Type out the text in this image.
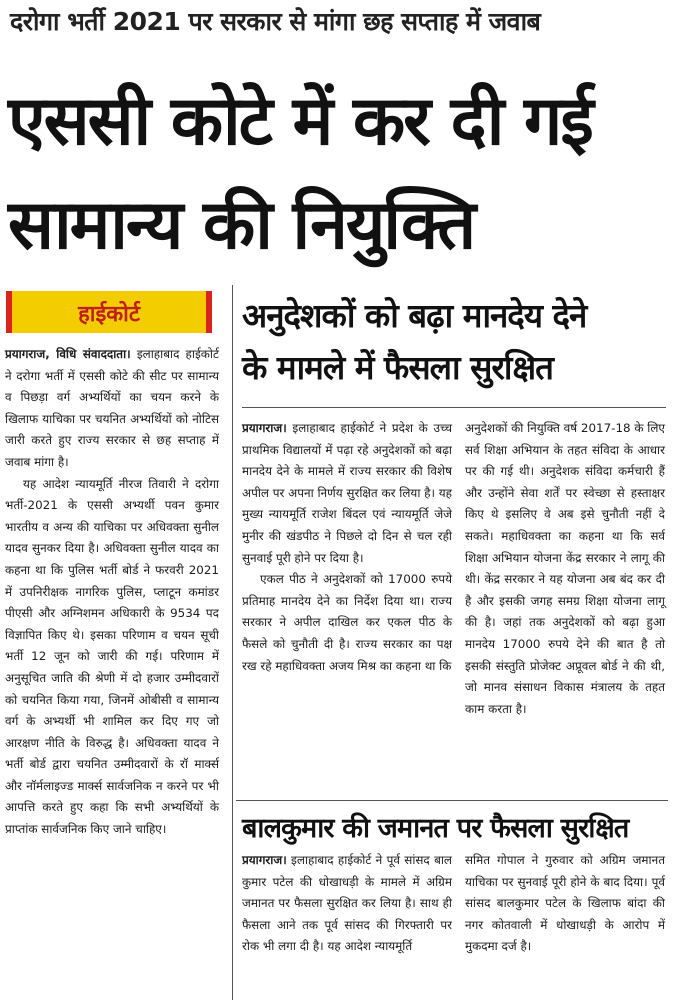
दरोगा भर्ती 2021 पर सरकार से मांगा छह सप्ताह में जवाब
एससी कोटे में कर दी गई
सामान्य की नियुक्ति
हाईकोर्ट

प्रयागराज, विधि संवाददाता। इलाहाबाद हाईकोर्ट ने दरोगा भर्ती में एससी कोटे की सीट पर सामान्य व पिछड़ा वर्ग अभ्यर्थियों का चयन करने के खिलाफ याचिका पर चयनित अभ्यर्थियों को नोटिस जारी करते हुए राज्य सरकार से छह सप्ताह में जवाब मांगा है।

यह आदेश न्यायमूर्ति नीरज तिवारी ने दरोगा भर्ती-2021 के एससी अभ्यर्थी पवन कुमार भारतीय व अन्य की याचिका पर अधिवक्ता सुनील यादव सुनकर दिया है। अधिवक्ता सुनील यादव का कहना था कि पुलिस भर्ती बोर्ड ने फरवरी 2021 में उपनिरीक्षक नागरिक पुलिस, प्लाटून कमांडर पीएसी और अग्निशमन अधिकारी के 9534 पद विज्ञापित किए थे। इसका परिणाम व चयन सूची भर्ती 12 जून को जारी की गई। परिणाम में अनुसूचित जाति की श्रेणी में दो हजार उम्मीदवारों को चयनित किया गया, जिनमें ओबीसी व सामान्य वर्ग के अभ्यर्थी भी शामिल कर दिए गए जो आरक्षण नीति के विरुद्ध है। अधिवक्ता यादव ने भर्ती बोर्ड द्वारा चयनित उम्मीदवारों के रॉ मार्क्स और नॉर्मलाइज्ड मार्क्स सार्वजनिक न करने पर भी आपत्ति करते हुए कहा कि सभी अभ्यर्थियों के प्राप्तांक सार्वजनिक किए जाने चाहिए।

अनुदेशकों को बढ़ा मानदेय देने
के मामले में फैसला सुरक्षित

प्रयागराज। इलाहाबाद हाईकोर्ट ने प्रदेश के उच्च प्राथमिक विद्यालयों में पढ़ा रहे अनुदेशकों को बढ़ा मानदेय देने के मामले में राज्य सरकार की विशेष अपील पर अपना निर्णय सुरक्षित कर लिया है। यह मुख्य न्यायमूर्ति राजेश बिंदल एवं न्यायमूर्ति जेजे मुनीर की खंडपीठ ने पिछले दो दिन से चल रही सुनवाई पूरी होने पर दिया है।

एकल पीठ ने अनुदेशकों को 17000 रुपये प्रतिमाह मानदेय देने का निर्देश दिया था। राज्य सरकार ने अपील दाखिल कर एकल पीठ के फैसले को चुनौती दी है। राज्य सरकार का पक्ष रख रहे महाधिवक्ता अजय मिश्र का कहना था कि

अनुदेशकों की नियुक्ति वर्ष 2017-18 के लिए सर्व शिक्षा अभियान के तहत संविदा के आधार पर की गई थी। अनुदेशक संविदा कर्मचारी हैं और उन्होंने सेवा शर्तें पर स्वेच्छा से हस्ताक्षर किए थे इसलिए वे अब इसे चुनौती नहीं दे सकते। महाधिवक्ता का कहना था कि सर्व शिक्षा अभियान योजना केंद्र सरकार ने लागू की थी। केंद्र सरकार ने यह योजना अब बंद कर दी है और इसकी जगह समग्र शिक्षा योजना लागू की है। जहां तक अनुदेशकों को बढ़ा हुआ मानदेय 17000 रुपये देने की बात है तो इसकी संस्तुति प्रोजेक्ट अप्रूवल बोर्ड ने की थी, जो मानव संसाधन विकास मंत्रालय के तहत काम करता है।

बालकुमार की जमानत पर फैसला सुरक्षित

प्रयागराज। इलाहाबाद हाईकोर्ट ने पूर्व सांसद बाल कुमार पटेल की धोखाधड़ी के मामले में अग्रिम जमानत पर फैसला सुरक्षित कर लिया है। साथ ही फैसला आने तक पूर्व सांसद की गिरफ्तारी पर रोक भी लगा दी है। यह आदेश न्यायमूर्ति

समित गोपाल ने गुरुवार को अग्रिम जमानत याचिका पर सुनवाई पूरी होने के बाद दिया। पूर्व सांसद बालकुमार पटेल के खिलाफ बांदा की नगर कोतवाली में धोखाधड़ी के आरोप में मुकदमा दर्ज है।
